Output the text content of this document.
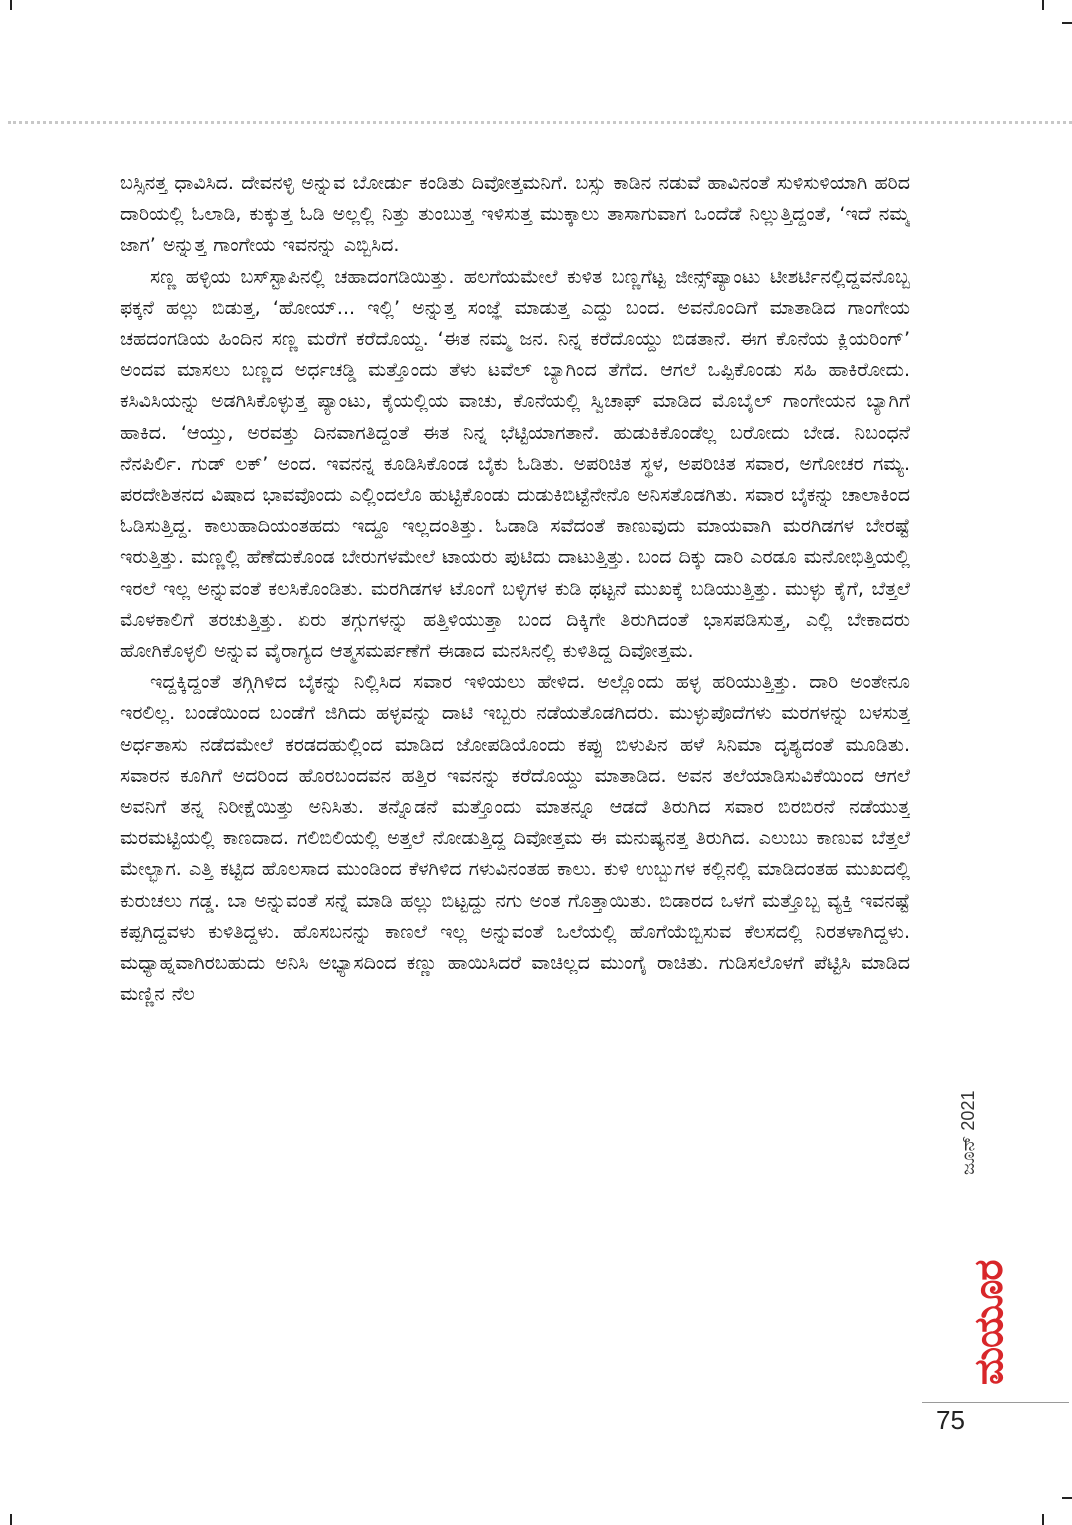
ಬಸ್ಸಿನತ್ತ ಧಾವಿಸಿದ. ದೇವನಳ್ಳಿ ಅನ್ನುವ ಬೋರ್ಡು ಕಂಡಿತು ದಿವೋತ್ತಮನಿಗೆ. ಬಸ್ಸು ಕಾಡಿನ ನಡುವೆ ಹಾವಿನಂತೆ ಸುಳಿಸುಳಿಯಾಗಿ ಹರಿದ ದಾರಿಯಲ್ಲಿ ಓಲಾಡಿ, ಕುಕ್ಕುತ್ತ ಓಡಿ ಅಲ್ಲಲ್ಲಿ ನಿತ್ತು ತುಂಬುತ್ತ ಇಳಿಸುತ್ತ ಮುಕ್ಕಾಲು ತಾಸಾಗುವಾಗ ಒಂದೆಡೆ ನಿಲ್ಲುತ್ತಿದ್ದಂತೆ, ‘ಇದೆ ನಮ್ಮ ಜಾಗ’ ಅನ್ನುತ್ತ ಗಾಂಗೇಯ ಇವನನ್ನು ಎಬ್ಬಿಸಿದ.

ಸಣ್ಣ ಹಳ್ಳಿಯ ಬಸ್‌ಸ್ಟಾಪಿನಲ್ಲಿ ಚಹಾದಂಗಡಿಯಿತ್ತು. ಹಲಗೆಯಮೇಲೆ ಕುಳಿತ ಬಣ್ಣಗೆಟ್ಟ ಜೀನ್ಸ್‌ಪ್ಯಾಂಟು ಟೀಶರ್ಟಿನಲ್ಲಿದ್ದವನೊಬ್ಬ ಫಕ್ಕನೆ ಹಲ್ಲು ಬಿಡುತ್ತ, ‘ಹೋಯ್... ಇಲ್ಲಿ’ ಅನ್ನುತ್ತ ಸಂಜ್ಞೆ ಮಾಡುತ್ತ ಎದ್ದು ಬಂದ. ಅವನೊಂದಿಗೆ ಮಾತಾಡಿದ ಗಾಂಗೇಯ ಚಹದಂಗಡಿಯ ಹಿಂದಿನ ಸಣ್ಣ ಮರೆಗೆ ಕರೆದೊಯ್ದ. ‘ಈತ ನಮ್ಮ ಜನ. ನಿನ್ನ ಕರೆದೊಯ್ದು ಬಿಡತಾನೆ. ಈಗ ಕೊನೆಯ ಕ್ಲಿಯರಿಂಗ್’ ಅಂದವ ಮಾಸಲು ಬಣ್ಣದ ಅರ್ಧಚಡ್ಡಿ ಮತ್ತೊಂದು ತೆಳು ಟವೆಲ್ ಬ್ಯಾಗಿಂದ ತೆಗೆದ. ಆಗಲೆ ಒಪ್ಪಿಕೊಂಡು ಸಹಿ ಹಾಕಿರೋದು. ಕಸಿವಿಸಿಯನ್ನು ಅಡಗಿಸಿಕೊಳ್ಳುತ್ತ ಪ್ಯಾಂಟು, ಕೈಯಲ್ಲಿಯ ವಾಚು, ಕೊನೆಯಲ್ಲಿ ಸ್ವಿಚಾಫ್ ಮಾಡಿದ ಮೊಬೈಲ್ ಗಾಂಗೇಯನ ಬ್ಯಾಗಿಗೆ ಹಾಕಿದ. ‘ಆಯ್ತು, ಅರವತ್ತು ದಿನವಾಗತಿದ್ದಂತೆ ಈತ ನಿನ್ನ ಭೆಟ್ಟಿಯಾಗತಾನೆ. ಹುಡುಕಿಕೊಂಡೆಲ್ಲ ಬರೋದು ಬೇಡ. ನಿಬಂಧನೆ ನೆನಪಿರ್ಲಿ. ಗುಡ್ ಲಕ್’ ಅಂದ. ಇವನನ್ನ ಕೂಡಿಸಿಕೊಂಡ ಬೈಕು ಓಡಿತು. ಅಪರಿಚಿತ ಸ್ಥಳ, ಅಪರಿಚಿತ ಸವಾರ, ಅಗೋಚರ ಗಮ್ಯ. ಪರದೇಶಿತನದ ವಿಷಾದ ಭಾವವೊಂದು ಎಲ್ಲಿಂದಲೊ ಹುಟ್ಟಿಕೊಂಡು ದುಡುಕಿಬಿಟ್ಟೆನೇನೊ ಅನಿಸತೊಡಗಿತು. ಸವಾರ ಬೈಕನ್ನು ಚಾಲಾಕಿಂದ ಓಡಿಸುತ್ತಿದ್ದ. ಕಾಲುಹಾದಿಯಂತಹದು ಇದ್ದೂ ಇಲ್ಲದಂತಿತ್ತು. ಓಡಾಡಿ ಸವೆದಂತೆ ಕಾಣುವುದು ಮಾಯವಾಗಿ ಮರಗಿಡಗಳ ಬೇರಷ್ಟೆ ಇರುತ್ತಿತ್ತು. ಮಣ್ಣಲ್ಲಿ ಹೆಣೆದುಕೊಂಡ ಬೇರುಗಳಮೇಲೆ ಟಾಯರು ಪುಟಿದು ದಾಟುತ್ತಿತ್ತು. ಬಂದ ದಿಕ್ಕು ದಾರಿ ಎರಡೂ ಮನೋಭಿತ್ತಿಯಲ್ಲಿ ಇರಲೆ ಇಲ್ಲ ಅನ್ನುವಂತೆ ಕಲಸಿಕೊಂಡಿತು. ಮರಗಿಡಗಳ ಟೊಂಗೆ ಬಳ್ಳಿಗಳ ಕುಡಿ ಥಟ್ಟನೆ ಮುಖಕ್ಕೆ ಬಡಿಯುತ್ತಿತ್ತು. ಮುಳ್ಳು ಕೈಗೆ, ಬೆತ್ತಲೆ ಮೊಳಕಾಲಿಗೆ ತರಚುತ್ತಿತ್ತು. ಏರು ತಗ್ಗುಗಳನ್ನು ಹತ್ತಿಳಿಯುತ್ತಾ ಬಂದ ದಿಕ್ಕಿಗೇ ತಿರುಗಿದಂತೆ ಭಾಸಪಡಿಸುತ್ತ, ಎಲ್ಲಿ ಬೇಕಾದರು ಹೋಗಿಕೊಳ್ಳಲಿ ಅನ್ನುವ ವೈರಾಗ್ಯದ ಆತ್ಮಸಮರ್ಪಣೆಗೆ ಈಡಾದ ಮನಸಿನಲ್ಲಿ ಕುಳಿತಿದ್ದ ದಿವೋತ್ತಮ.

ಇದ್ದಕ್ಕಿದ್ದಂತೆ ತಗ್ಗಿಗಿಳಿದ ಬೈಕನ್ನು ನಿಲ್ಲಿಸಿದ ಸವಾರ ಇಳಿಯಲು ಹೇಳಿದ. ಅಲ್ಲೊಂದು ಹಳ್ಳ ಹರಿಯುತ್ತಿತ್ತು. ದಾರಿ ಅಂತೇನೂ ಇರಲಿಲ್ಲ. ಬಂಡೆಯಿಂದ ಬಂಡೆಗೆ ಜಿಗಿದು ಹಳ್ಳವನ್ನು ದಾಟಿ ಇಬ್ಬರು ನಡೆಯತೊಡಗಿದರು. ಮುಳ್ಳುಪೊದೆಗಳು ಮರಗಳನ್ನು ಬಳಸುತ್ತ ಅರ್ಧತಾಸು ನಡೆದಮೇಲೆ ಕರಡದಹುಲ್ಲಿಂದ ಮಾಡಿದ ಜೋಪಡಿಯೊಂದು ಕಪ್ಪು ಬಿಳುಪಿನ ಹಳೆ ಸಿನಿಮಾ ದೃಶ್ಯದಂತೆ ಮೂಡಿತು. ಸವಾರನ ಕೂಗಿಗೆ ಅದರಿಂದ ಹೊರಬಂದವನ ಹತ್ತಿರ ಇವನನ್ನು ಕರೆದೊಯ್ದು ಮಾತಾಡಿದ. ಅವನ ತಲೆಯಾಡಿಸುವಿಕೆಯಿಂದ ಆಗಲೆ ಅವನಿಗೆ ತನ್ನ ನಿರೀಕ್ಷೆಯಿತ್ತು ಅನಿಸಿತು. ತನ್ನೊಡನೆ ಮತ್ತೊಂದು ಮಾತನ್ನೂ ಆಡದೆ ತಿರುಗಿದ ಸವಾರ ಬಿರಬಿರನೆ ನಡೆಯುತ್ತ ಮರಮಟ್ಟಿಯಲ್ಲಿ ಕಾಣದಾದ. ಗಲಿಬಿಲಿಯಲ್ಲಿ ಅತ್ತಲೆ ನೋಡುತ್ತಿದ್ದ ದಿವೋತ್ತಮ ಈ ಮನುಷ್ಯನತ್ತ ತಿರುಗಿದ. ಎಲುಬು ಕಾಣುವ ಬೆತ್ತಲೆ ಮೇಲ್ಭಾಗ. ಎತ್ತಿ ಕಟ್ಟಿದ ಹೊಲಸಾದ ಮುಂಡಿಂದ ಕೆಳಗಿಳಿದ ಗಳುವಿನಂತಹ ಕಾಲು. ಕುಳಿ ಉಬ್ಬುಗಳ ಕಲ್ಲಿನಲ್ಲಿ ಮಾಡಿದಂತಹ ಮುಖದಲ್ಲಿ ಕುರುಚಲು ಗಡ್ಡ. ಬಾ ಅನ್ನುವಂತೆ ಸನ್ನೆ ಮಾಡಿ ಹಲ್ಲು ಬಿಟ್ಟದ್ದು ನಗು ಅಂತ ಗೊತ್ತಾಯಿತು. ಬಿಡಾರದ ಒಳಗೆ ಮತ್ತೊಬ್ಬ ವ್ಯಕ್ತಿ ಇವನಷ್ಟೆ ಕಪ್ಪಗಿದ್ದವಳು ಕುಳಿತಿದ್ದಳು. ಹೊಸಬನನ್ನು ಕಾಣಲೆ ಇಲ್ಲ ಅನ್ನುವಂತೆ ಒಲೆಯಲ್ಲಿ ಹೊಗೆಯೆಬ್ಬಿಸುವ ಕೆಲಸದಲ್ಲಿ ನಿರತಳಾಗಿದ್ದಳು. ಮಧ್ಯಾಹ್ನವಾಗಿರಬಹುದು ಅನಿಸಿ ಅಭ್ಯಾಸದಿಂದ ಕಣ್ಣು ಹಾಯಿಸಿದರೆ ವಾಚಿಲ್ಲದ ಮುಂಗೈ ರಾಚಿತು. ಗುಡಿಸಲೊಳಗೆ ಪೆಟ್ಟಿಸಿ ಮಾಡಿದ ಮಣ್ಣಿನ ನೆಲ

ಜೂನ್ 2021
ಮಯೂರ
75
